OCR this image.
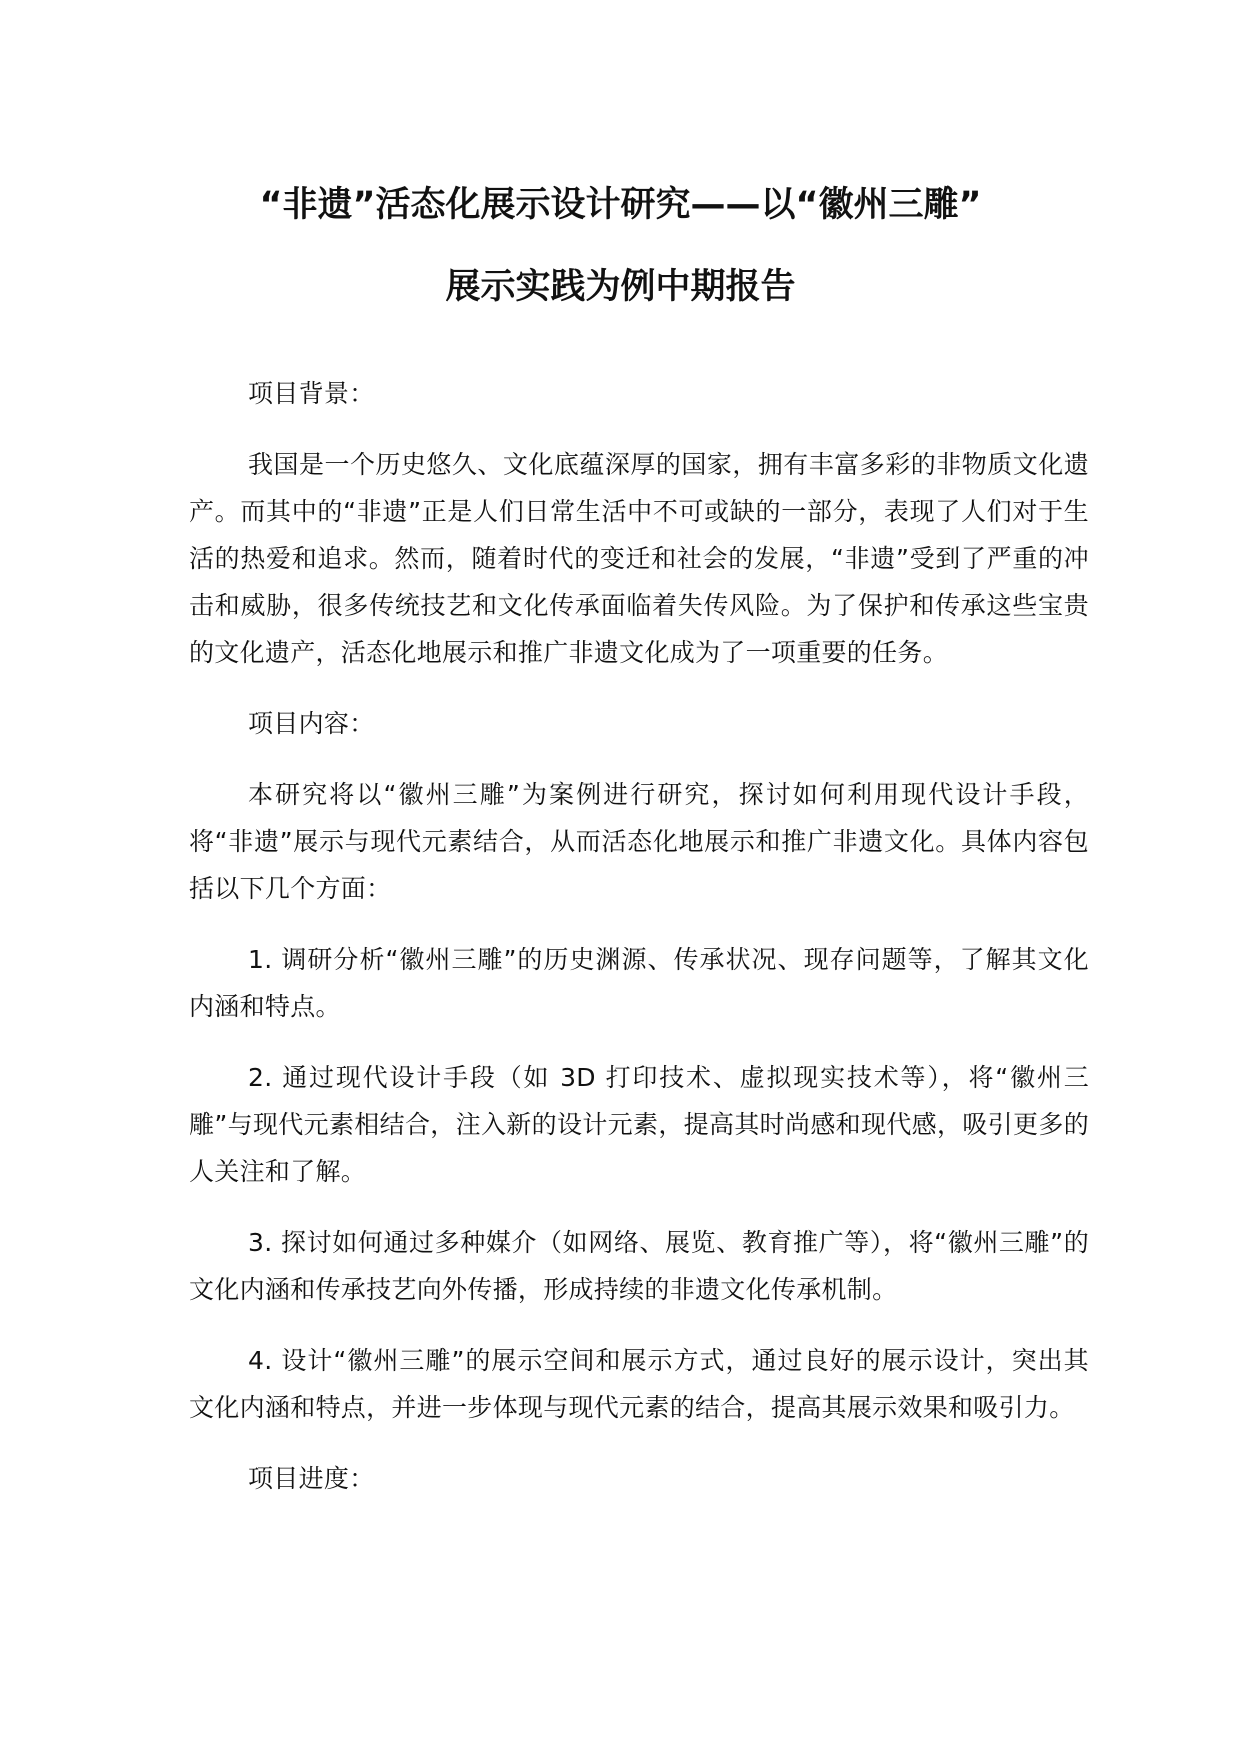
“非遗”活态化展示设计研究——以“徽州三雕”
展示实践为例中期报告

项目背景：

我国是一个历史悠久、文化底蕴深厚的国家，拥有丰富多彩的非物质文化遗产。而其中的“非遗”正是人们日常生活中不可或缺的一部分，表现了人们对于生活的热爱和追求。然而，随着时代的变迁和社会的发展，“非遗”受到了严重的冲击和威胁，很多传统技艺和文化传承面临着失传风险。为了保护和传承这些宝贵的文化遗产，活态化地展示和推广非遗文化成为了一项重要的任务。

项目内容：

本研究将以“徽州三雕”为案例进行研究，探讨如何利用现代设计手段，将“非遗”展示与现代元素结合，从而活态化地展示和推广非遗文化。具体内容包括以下几个方面：

1. 调研分析“徽州三雕”的历史渊源、传承状况、现存问题等，了解其文化内涵和特点。

2. 通过现代设计手段（如 3D 打印技术、虚拟现实技术等），将“徽州三雕”与现代元素相结合，注入新的设计元素，提高其时尚感和现代感，吸引更多的人关注和了解。

3. 探讨如何通过多种媒介（如网络、展览、教育推广等），将“徽州三雕”的文化内涵和传承技艺向外传播，形成持续的非遗文化传承机制。

4. 设计“徽州三雕”的展示空间和展示方式，通过良好的展示设计，突出其文化内涵和特点，并进一步体现与现代元素的结合，提高其展示效果和吸引力。

项目进度：
